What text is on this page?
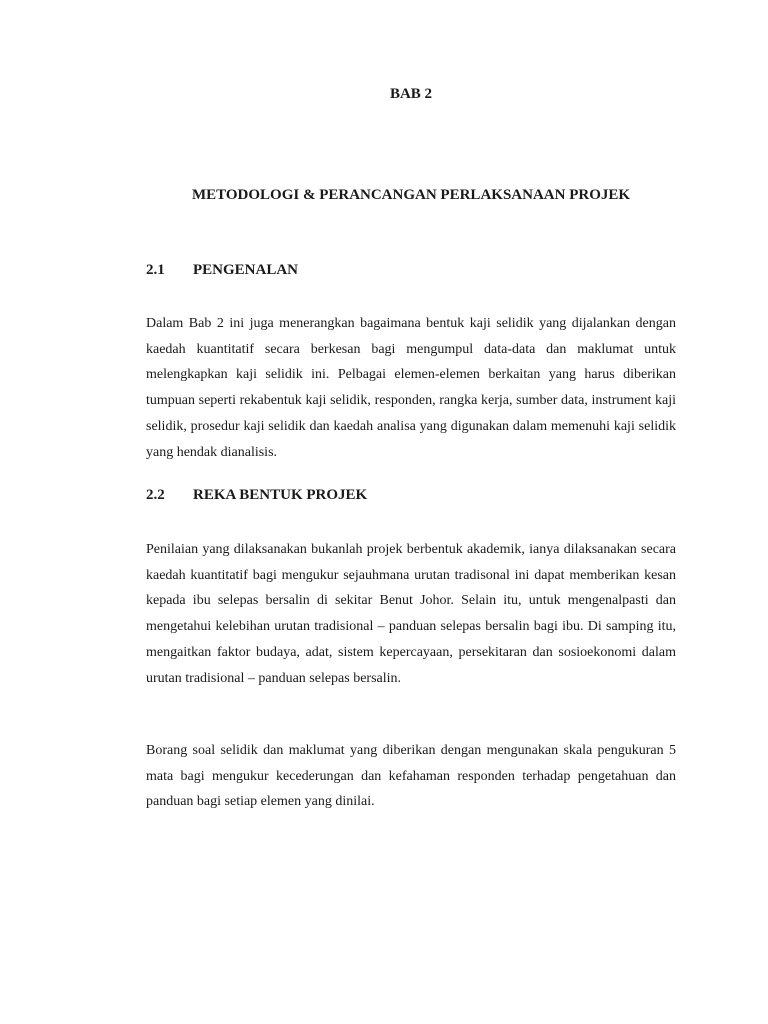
BAB 2
METODOLOGI & PERANCANGAN PERLAKSANAAN PROJEK
2.1 PENGENALAN

Dalam Bab 2 ini juga menerangkan bagaimana bentuk kaji selidik yang dijalankan dengan kaedah kuantitatif secara berkesan bagi mengumpul data-data dan maklumat untuk melengkapkan kaji selidik ini. Pelbagai elemen-elemen berkaitan yang harus diberikan tumpuan seperti rekabentuk kaji selidik, responden, rangka kerja, sumber data, instrument kaji selidik, prosedur kaji selidik dan kaedah analisa yang digunakan dalam memenuhi kaji selidik yang hendak dianalisis.

2.2 REKA BENTUK PROJEK

Penilaian yang dilaksanakan bukanlah projek berbentuk akademik, ianya dilaksanakan secara kaedah kuantitatif bagi mengukur sejauhmana urutan tradisonal ini dapat memberikan kesan kepada ibu selepas bersalin di sekitar Benut Johor. Selain itu, untuk mengenalpasti dan mengetahui kelebihan urutan tradisional – panduan selepas bersalin bagi ibu. Di samping itu, mengaitkan faktor budaya, adat, sistem kepercayaan, persekitaran dan sosioekonomi dalam urutan tradisional – panduan selepas bersalin.

Borang soal selidik dan maklumat yang diberikan dengan mengunakan skala pengukuran 5 mata bagi mengukur kecederungan dan kefahaman responden terhadap pengetahuan dan panduan bagi setiap elemen yang dinilai.
